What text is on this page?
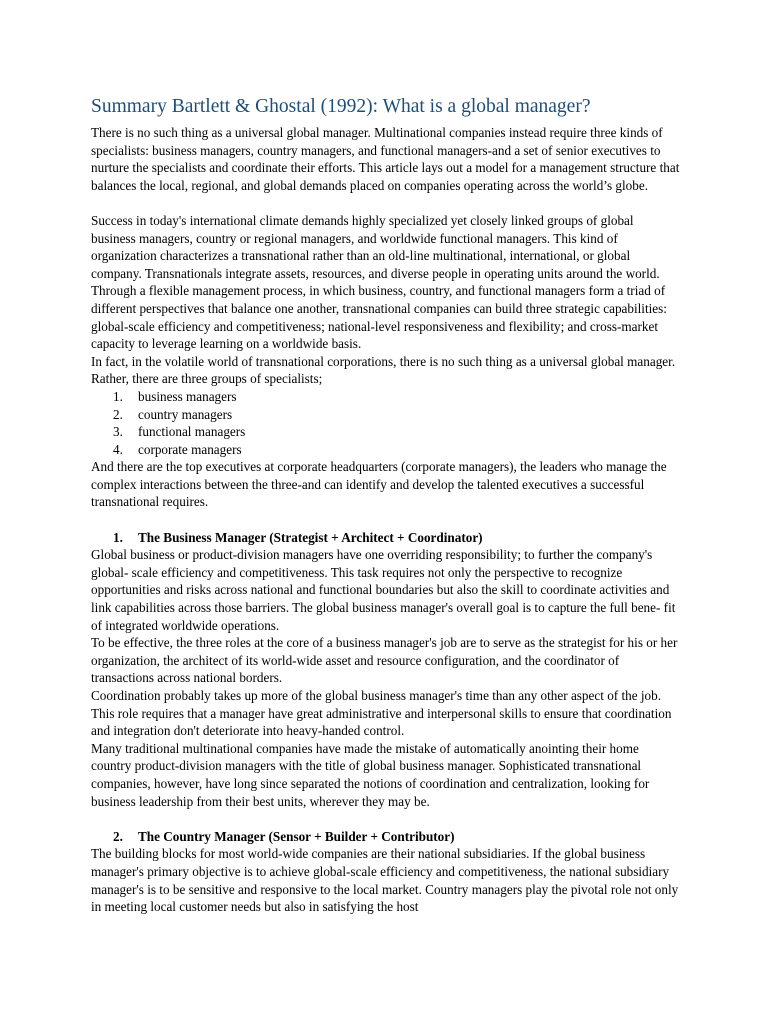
Summary Bartlett & Ghostal (1992): What is a global manager?

There is no such thing as a universal global manager. Multinational companies instead require three kinds of specialists: business managers, country managers, and functional managers-and a set of senior executives to nurture the specialists and coordinate their efforts. This article lays out a model for a management structure that balances the local, regional, and global demands placed on companies operating across the world’s globe.

Success in today's international climate demands highly specialized yet closely linked groups of global business managers, country or regional managers, and worldwide functional managers. This kind of organization characterizes a transnational rather than an old-line multinational, international, or global company. Transnationals integrate assets, resources, and diverse people in operating units around the world. Through a flexible management process, in which business, country, and functional managers form a triad of different perspectives that balance one another, transnational companies can build three strategic capabilities: global-scale efficiency and competitiveness; national-level responsiveness and flexibility; and cross-market capacity to leverage learning on a worldwide basis.

In fact, in the volatile world of transnational corporations, there is no such thing as a universal global manager. Rather, there are three groups of specialists;

1. business managers
2. country managers
3. functional managers
4. corporate managers

And there are the top executives at corporate headquarters (corporate managers), the leaders who manage the complex interactions between the three-and can identify and develop the talented executives a successful transnational requires.

1. The Business Manager (Strategist + Architect + Coordinator)

Global business or product-division managers have one overriding responsibility; to further the company's global- scale efficiency and competitiveness. This task requires not only the perspective to recognize opportunities and risks across national and functional boundaries but also the skill to coordinate activities and link capabilities across those barriers. The global business manager's overall goal is to capture the full bene- fit of integrated worldwide operations.

To be effective, the three roles at the core of a business manager's job are to serve as the strategist for his or her organization, the architect of its world-wide asset and resource configuration, and the coordinator of transactions across national borders.

Coordination probably takes up more of the global business manager's time than any other aspect of the job. This role requires that a manager have great administrative and interpersonal skills to ensure that coordination and integration don't deteriorate into heavy-handed control.

Many traditional multinational companies have made the mistake of automatically anointing their home country product-division managers with the title of global business manager. Sophisticated transnational companies, however, have long since separated the notions of coordination and centralization, looking for business leadership from their best units, wherever they may be.

2. The Country Manager (Sensor + Builder + Contributor)

The building blocks for most world-wide companies are their national subsidiaries. If the global business manager's primary objective is to achieve global-scale efficiency and competitiveness, the national subsidiary manager's is to be sensitive and responsive to the local market. Country managers play the pivotal role not only in meeting local customer needs but also in satisfying the host
